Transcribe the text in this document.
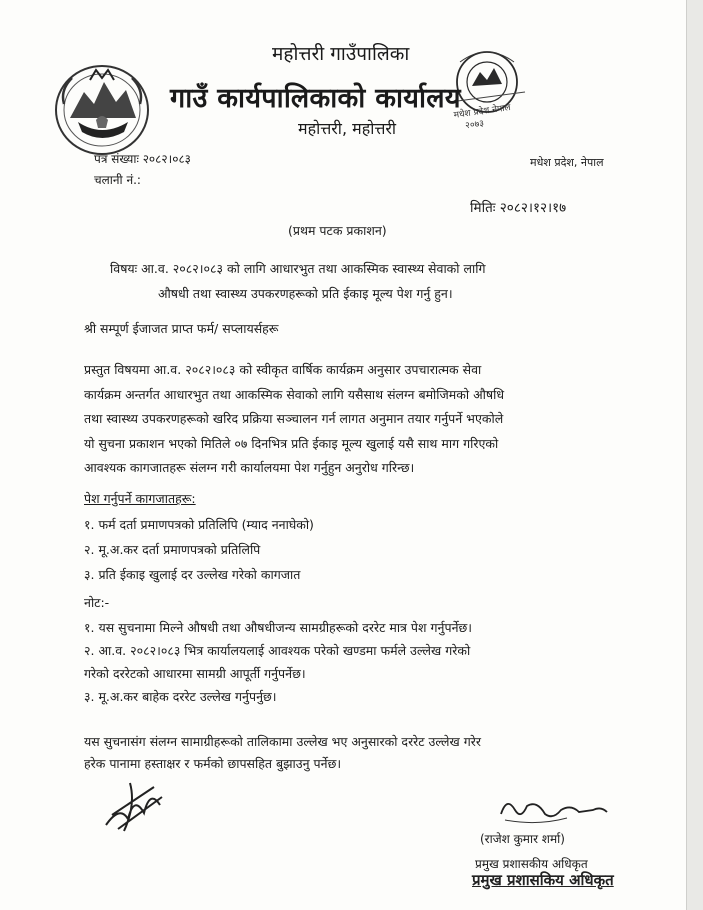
मधेश प्रदेश नेपाल
२०७३
महोत्तरी गाउँपालिका
गाउँ कार्यपालिकाको कार्यालय
महोत्तरी, महोत्तरी
पत्र संख्याः २०८२।०८३
चलानी नं.:
मधेश प्रदेश, नेपाल
मितिः २०८२।१२।१७
(प्रथम पटक प्रकाशन)
विषयः आ.व. २०८२।०८३ को लागि आधारभुत तथा आकस्मिक स्वास्थ्य सेवाको लागि
औषधी तथा स्वास्थ्य उपकरणहरूको प्रति ईकाइ मूल्य पेश गर्नु हुन।
श्री सम्पूर्ण ईजाजत प्राप्त फर्म/ सप्लायर्सहरू
प्रस्तुत विषयमा आ.व. २०८२।०८३ को स्वीकृत वार्षिक कार्यक्रम अनुसार उपचारात्मक सेवा
कार्यक्रम अन्तर्गत आधारभुत तथा आकस्मिक सेवाको लागि यसैसाथ संलग्न बमोजिमको औषधि
तथा स्वास्थ्य उपकरणहरूको खरिद प्रक्रिया सञ्चालन गर्न लागत अनुमान तयार गर्नुपर्ने भएकोले
यो सुचना प्रकाशन भएको मितिले ०७ दिनभित्र प्रति ईकाइ मूल्य खुलाई यसै साथ माग गरिएको
आवश्यक कागजातहरू संलग्न गरी कार्यालयमा पेश गर्नुहुन अनुरोध गरिन्छ।
पेश गर्नुपर्ने कागजातहरू:
१. फर्म दर्ता प्रमाणपत्रको प्रतिलिपि (म्याद ननाघेको)
२. मू.अ.कर दर्ता प्रमाणपत्रको प्रतिलिपि
३. प्रति ईकाइ खुलाई दर उल्लेख गरेको कागजात
नोट:-
१. यस सुचनामा मिल्ने औषधी तथा औषधीजन्य सामग्रीहरूको दररेट मात्र पेश गर्नुपर्नेछ।
२. आ.व. २०८२।०८३ भित्र कार्यालयलाई आवश्यक परेको खण्डमा फर्मले उल्लेख गरेको
गरेको दररेटको आधारमा सामग्री आपूर्ती गर्नुपर्नेछ।
३. मू.अ.कर बाहेक दररेट उल्लेख गर्नुपर्नुछ।
यस सुचनासंग संलग्न सामाग्रीहरूको तालिकामा उल्लेख भए अनुसारको दररेट उल्लेख गरेर
हरेक पानामा हस्ताक्षर र फर्मको छापसहित बुझाउनु पर्नेछ।
(राजेश कुमार शर्मा)
प्रमुख प्रशासकीय अधिकृत
प्रमुख प्रशासकिय अधिकृत
